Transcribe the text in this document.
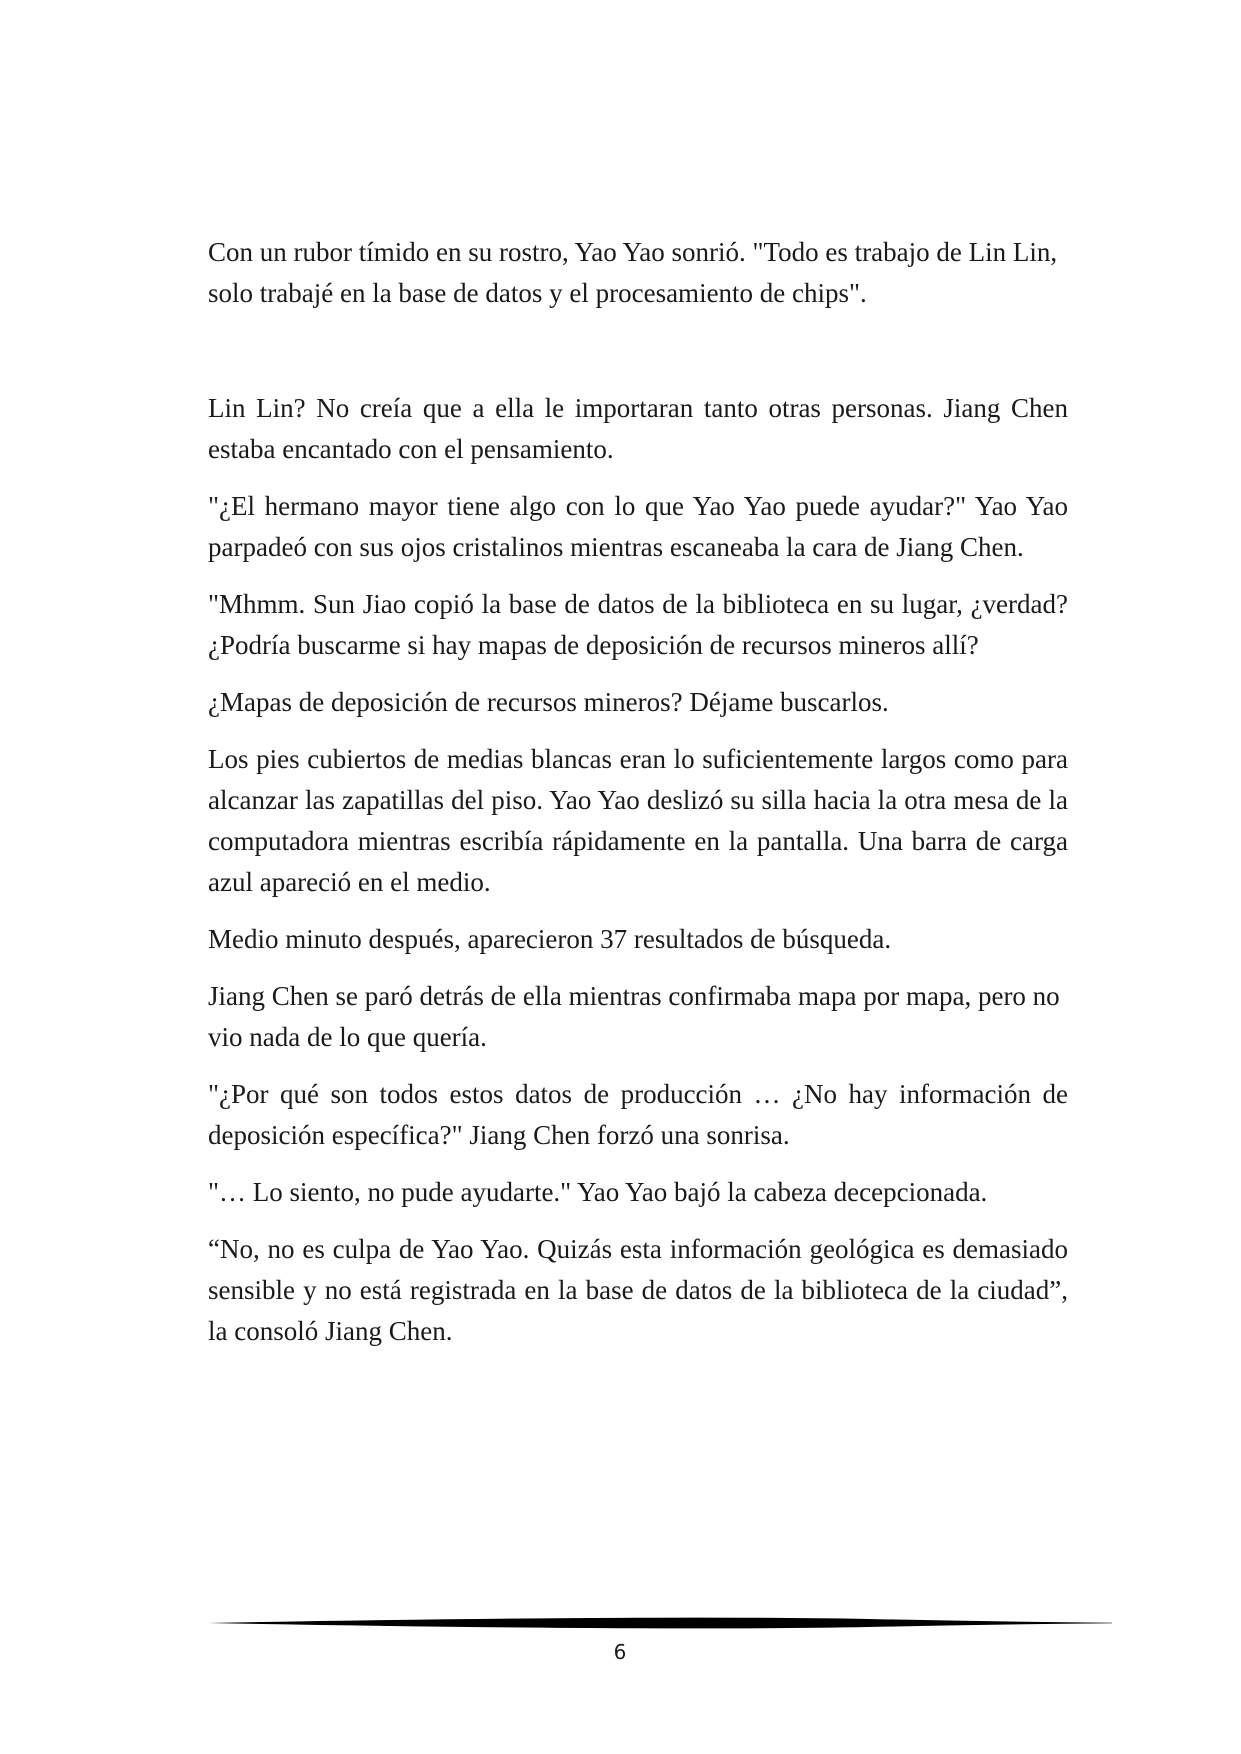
Con un rubor tímido en su rostro, Yao Yao sonrió. "Todo es trabajo de Lin Lin, solo trabajé en la base de datos y el procesamiento de chips".

Lin Lin? No creía que a ella le importaran tanto otras personas. Jiang Chen estaba encantado con el pensamiento.

"¿El hermano mayor tiene algo con lo que Yao Yao puede ayudar?" Yao Yao parpadeó con sus ojos cristalinos mientras escaneaba la cara de Jiang Chen.

"Mhmm. Sun Jiao copió la base de datos de la biblioteca en su lugar, ¿verdad? ¿Podría buscarme si hay mapas de deposición de recursos mineros allí?

¿Mapas de deposición de recursos mineros? Déjame buscarlos.

Los pies cubiertos de medias blancas eran lo suficientemente largos como para alcanzar las zapatillas del piso. Yao Yao deslizó su silla hacia la otra mesa de la computadora mientras escribía rápidamente en la pantalla. Una barra de carga azul apareció en el medio.

Medio minuto después, aparecieron 37 resultados de búsqueda.

Jiang Chen se paró detrás de ella mientras confirmaba mapa por mapa, pero no vio nada de lo que quería.

"¿Por qué son todos estos datos de producción … ¿No hay información de deposición específica?" Jiang Chen forzó una sonrisa.

"… Lo siento, no pude ayudarte." Yao Yao bajó la cabeza decepcionada.

“No, no es culpa de Yao Yao. Quizás esta información geológica es demasiado sensible y no está registrada en la base de datos de la biblioteca de la ciudad”, la consoló Jiang Chen.

6
